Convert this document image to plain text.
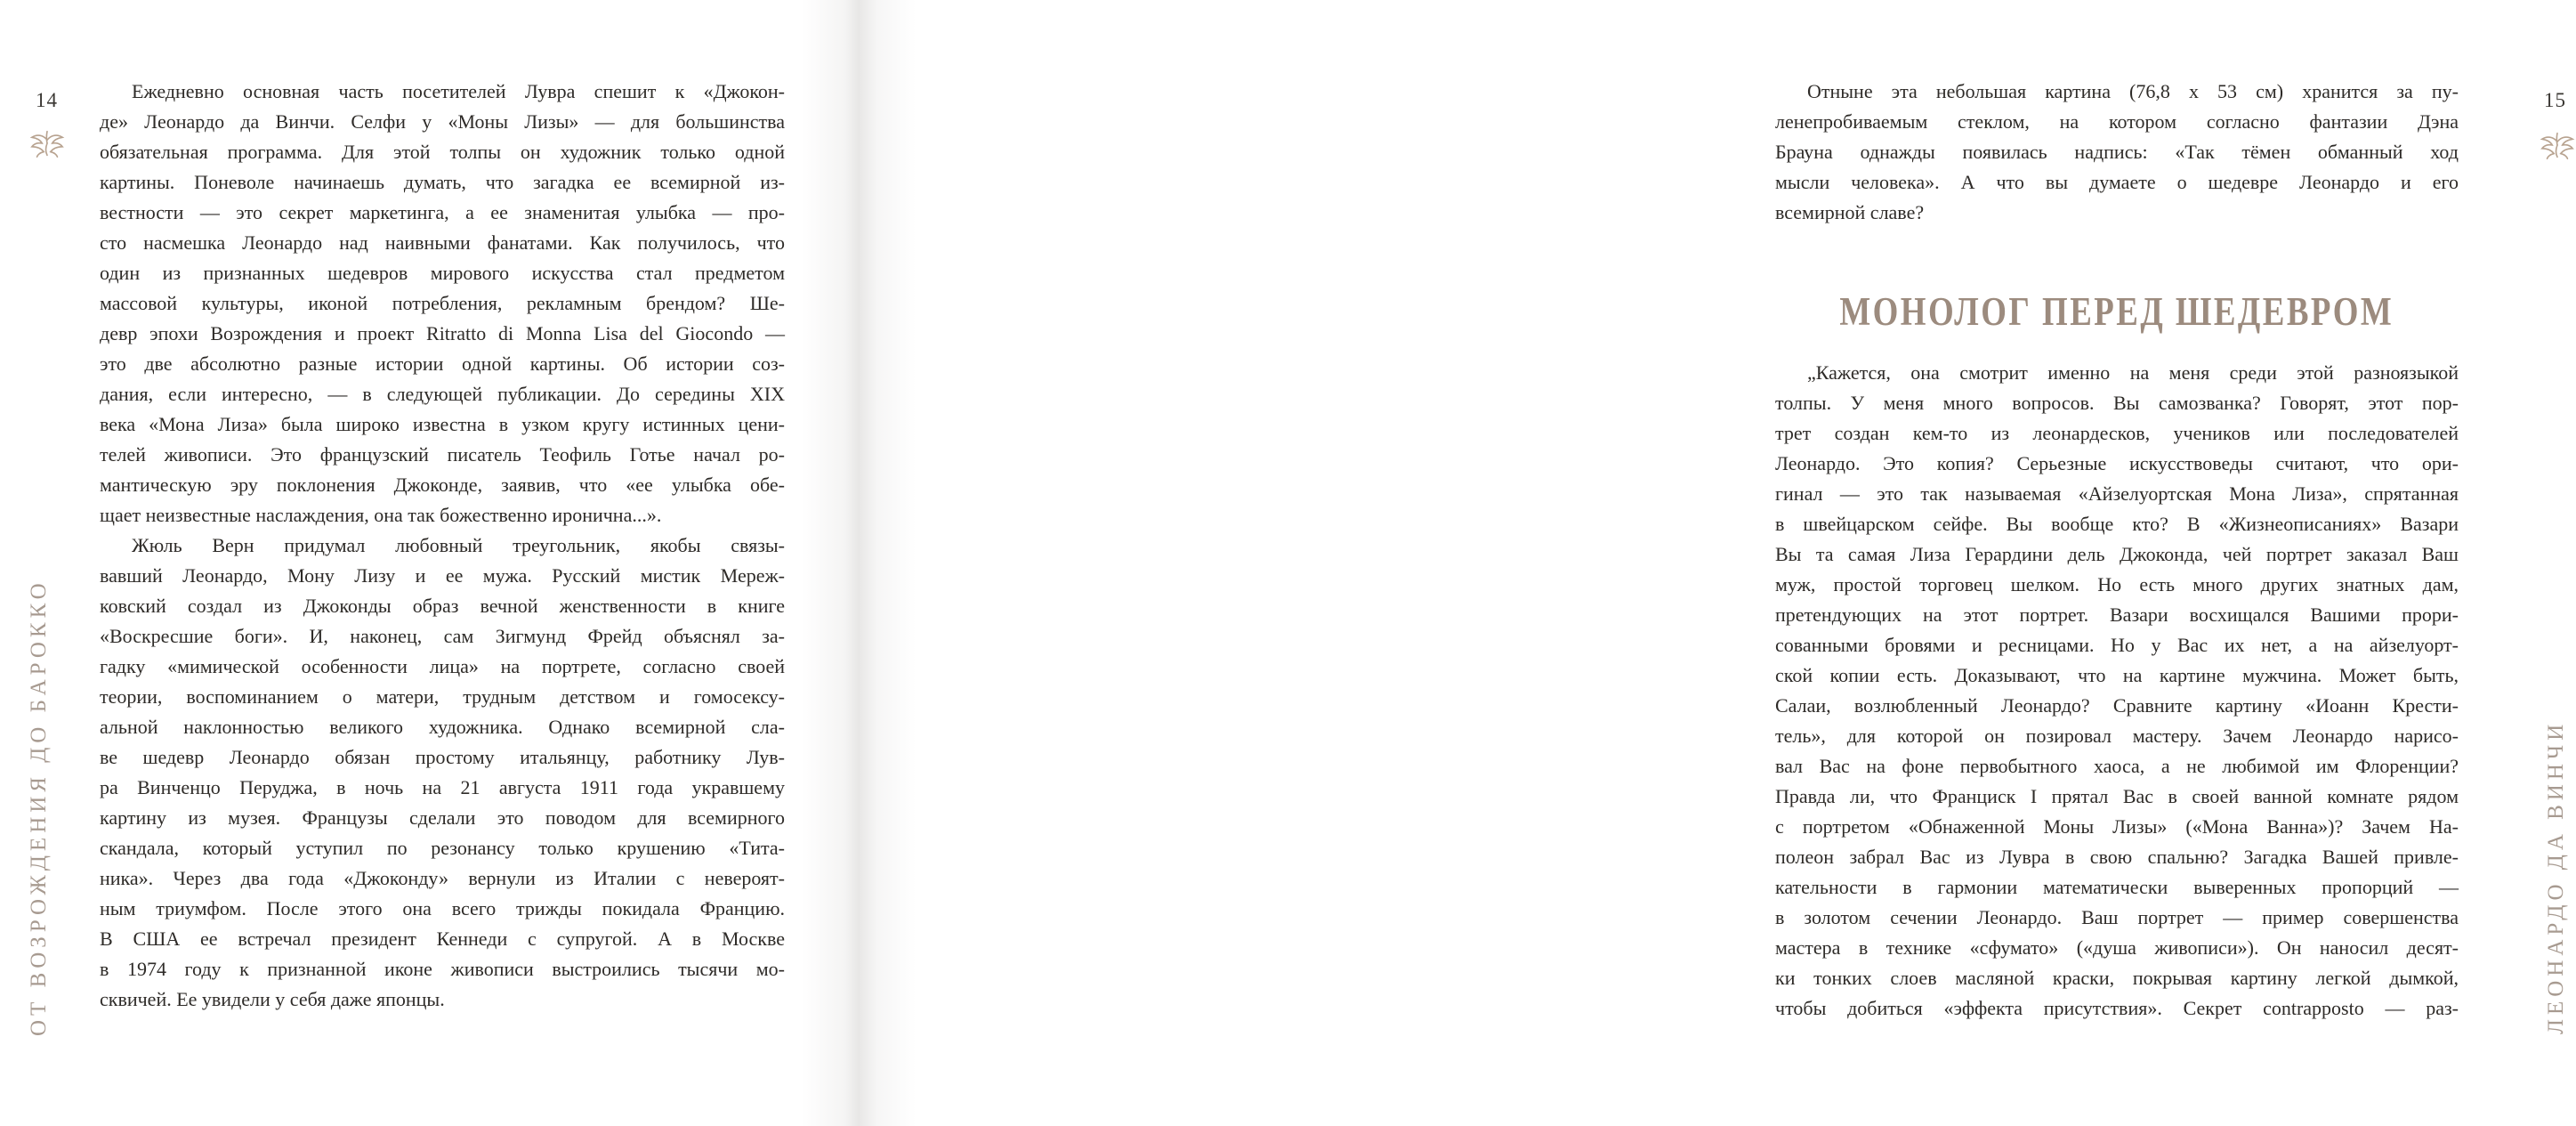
14
ОТ ВОЗРОЖДЕНИЯ ДО БАРОККО
Ежедневно основная часть посетителей Лувра спешит к «Джокон-
де» Леонардо да Винчи. Селфи у «Моны Лизы» — для большинства
обязательная программа. Для этой толпы он художник только одной
картины. Поневоле начинаешь думать, что загадка ее всемирной из-
вестности — это секрет маркетинга, а ее знаменитая улыбка — про-
сто насмешка Леонардо над наивными фанатами. Как получилось, что
один из признанных шедевров мирового искусства стал предметом
массовой культуры, иконой потребления, рекламным брендом? Ше-
девр эпохи Возрождения и проект Ritratto di Monna Lisa del Giocondo —
это две абсолютно разные истории одной картины. Об истории соз-
дания, если интересно, — в следующей публикации. До середины XIX
века «Мона Лиза» была широко известна в узком кругу истинных цени-
телей живописи. Это французский писатель Теофиль Готье начал ро-
мантическую эру поклонения Джоконде, заявив, что «ее улыбка обе-
щает неизвестные наслаждения, она так божественно иронична...».
Жюль Верн придумал любовный треугольник, якобы связы-
вавший Леонардо, Мону Лизу и ее мужа. Русский мистик Мереж-
ковский создал из Джоконды образ вечной женственности в книге
«Воскресшие боги». И, наконец, сам Зигмунд Фрейд объяснял за-
гадку «мимической особенности лица» на портрете, согласно своей
теории, воспоминанием о матери, трудным детством и гомосексу-
альной наклонностью великого художника. Однако всемирной сла-
ве шедевр Леонардо обязан простому итальянцу, работнику Лув-
ра Винченцо Перуджа, в ночь на 21 августа 1911 года укравшему
картину из музея. Французы сделали это поводом для всемирного
скандала, который уступил по резонансу только крушению «Тита-
ника». Через два года «Джоконду» вернули из Италии с невероят-
ным триумфом. После этого она всего трижды покидала Францию.
В США ее встречал президент Кеннеди с супругой. А в Москве
в 1974 году к признанной иконе живописи выстроились тысячи мо-
сквичей. Ее увидели у себя даже японцы.
15
ЛЕОНАРДО ДА ВИНЧИ
Отныне эта небольшая картина (76,8 х 53 см) хранится за пу-
ленепробиваемым стеклом, на котором согласно фантазии Дэна
Брауна однажды появилась надпись: «Так тёмен обманный ход
мысли человека». А что вы думаете о шедевре Леонардо и его
всемирной славе?
МОНОЛОГ ПЕРЕД ШЕДЕВРОМ
„Кажется, она смотрит именно на меня среди этой разноязыкой
толпы. У меня много вопросов. Вы самозванка? Говорят, этот пор-
трет создан кем-то из леонардесков, учеников или последователей
Леонардо. Это копия? Серьезные искусствоведы считают, что ори-
гинал — это так называемая «Айзелуортская Мона Лиза», спрятанная
в швейцарском сейфе. Вы вообще кто? В «Жизнеописаниях» Вазари
Вы та самая Лиза Герардини дель Джоконда, чей портрет заказал Ваш
муж, простой торговец шелком. Но есть много других знатных дам,
претендующих на этот портрет. Вазари восхищался Вашими прори-
сованными бровями и ресницами. Но у Вас их нет, а на айзелуорт-
ской копии есть. Доказывают, что на картине мужчина. Может быть,
Салаи, возлюбленный Леонардо? Сравните картину «Иоанн Крести-
тель», для которой он позировал мастеру. Зачем Леонардо нарисо-
вал Вас на фоне первобытного хаоса, а не любимой им Флоренции?
Правда ли, что Франциск I прятал Вас в своей ванной комнате рядом
с портретом «Обнаженной Моны Лизы» («Мона Ванна»)? Зачем На-
полеон забрал Вас из Лувра в свою спальню? Загадка Вашей привле-
кательности в гармонии математически выверенных пропорций —
в золотом сечении Леонардо. Ваш портрет — пример совершенства
мастера в технике «сфумато» («душа живописи»). Он наносил десят-
ки тонких слоев масляной краски, покрывая картину легкой дымкой,
чтобы добиться «эффекта присутствия». Секрет contrapposto — раз-
